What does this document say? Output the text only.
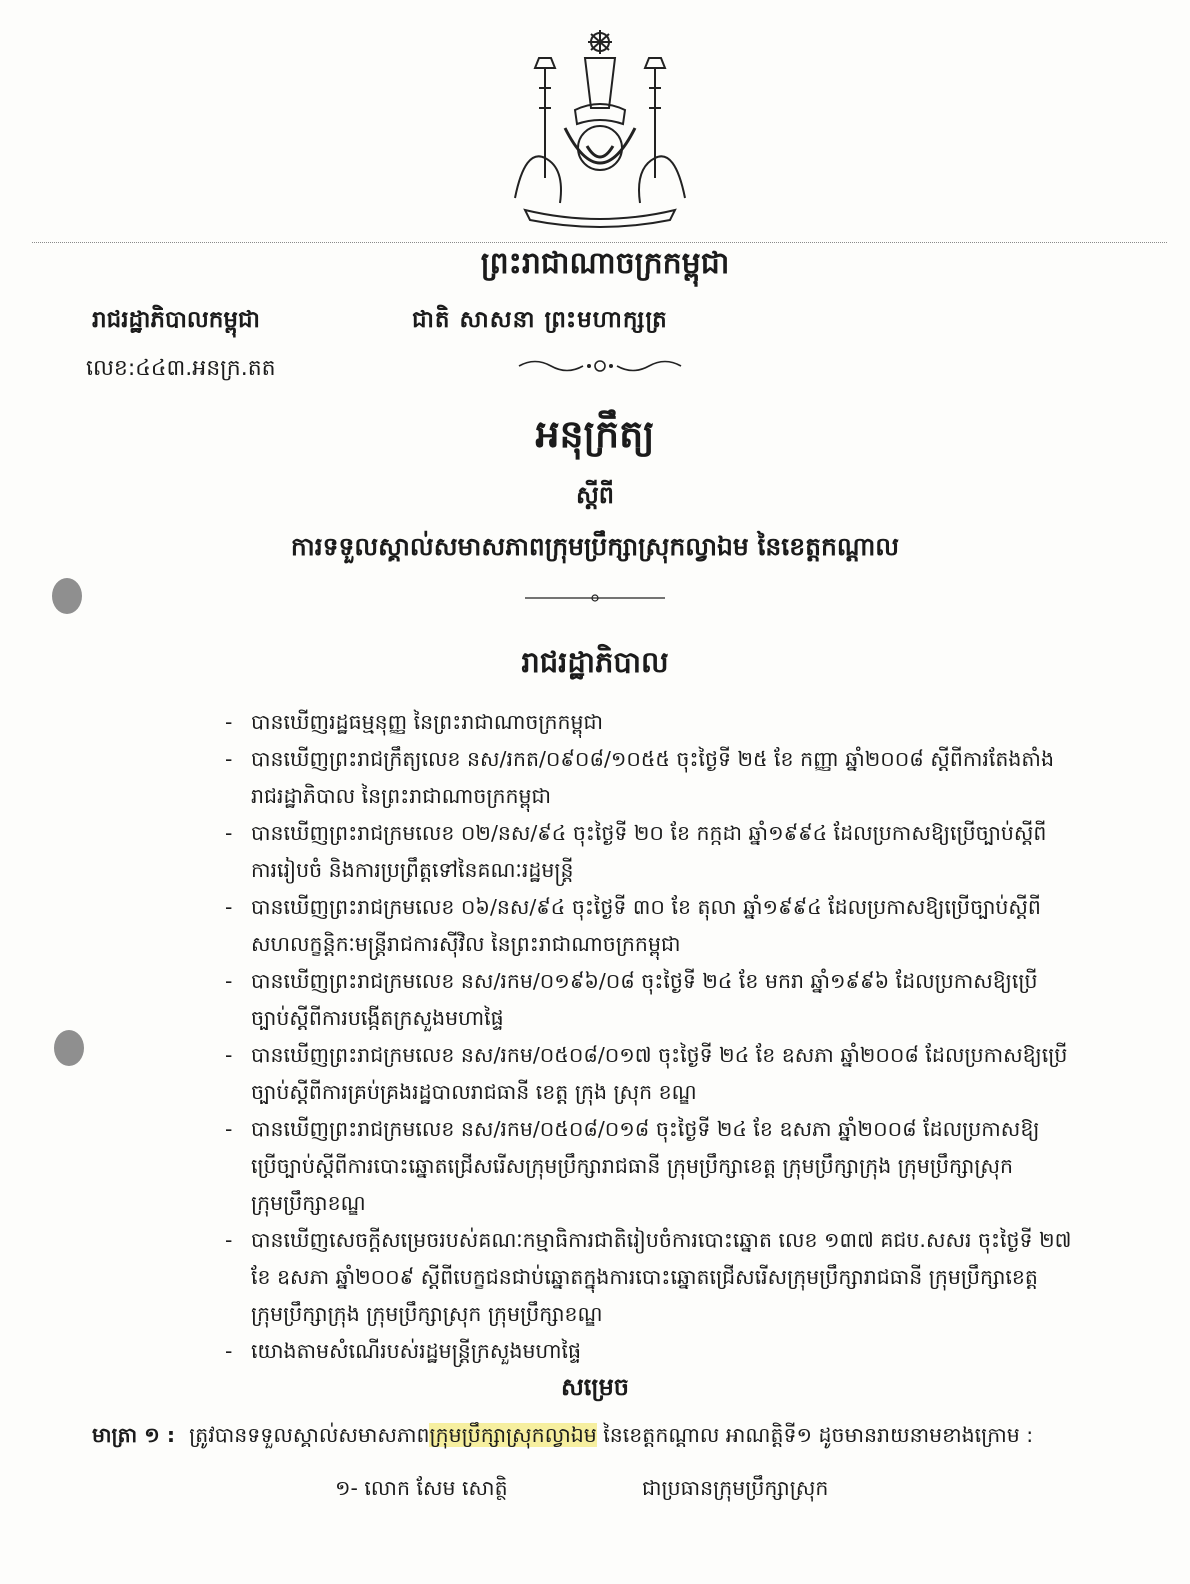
ព្រះរាជាណាចក្រកម្ពុជា
រាជរដ្ឋាភិបាលកម្ពុជា	ជាតិ សាសនា ព្រះមហាក្សត្រ
លេខ:៤៤៣.អនក្រ.តត
អនុក្រឹត្យ
ស្ដីពី
ការទទួលស្គាល់សមាសភាពក្រុមប្រឹក្សាស្រុកល្វាឯម នៃខេត្តកណ្ដាល
រាជរដ្ឋាភិបាល
- បានឃើញរដ្ឋធម្មនុញ្ញ នៃព្រះរាជាណាចក្រកម្ពុជា
- បានឃើញព្រះរាជក្រឹត្យលេខ នស/រកត/០៩០៨/១០៥៥ ចុះថ្ងៃទី ២៥ ខែ កញ្ញា ឆ្នាំ២០០៨ ស្ដីពីការតែងតាំង
រាជរដ្ឋាភិបាល នៃព្រះរាជាណាចក្រកម្ពុជា
- បានឃើញព្រះរាជក្រមលេខ ០២/នស/៩៤ ចុះថ្ងៃទី ២០ ខែ កក្កដា ឆ្នាំ១៩៩៤ ដែលប្រកាសឱ្យប្រើច្បាប់ស្ដីពី
ការរៀបចំ និងការប្រព្រឹត្តទៅនៃគណៈរដ្ឋមន្ត្រី
- បានឃើញព្រះរាជក្រមលេខ ០៦/នស/៩៤ ចុះថ្ងៃទី ៣០ ខែ តុលា ឆ្នាំ១៩៩៤ ដែលប្រកាសឱ្យប្រើច្បាប់ស្ដីពី
សហលក្ខន្តិកៈមន្ត្រីរាជការស៊ីវិល នៃព្រះរាជាណាចក្រកម្ពុជា
- បានឃើញព្រះរាជក្រមលេខ នស/រកម/០១៩៦/០៨ ចុះថ្ងៃទី ២៤ ខែ មករា ឆ្នាំ១៩៩៦ ដែលប្រកាសឱ្យប្រើ
ច្បាប់ស្ដីពីការបង្កើតក្រសួងមហាផ្ទៃ
- បានឃើញព្រះរាជក្រមលេខ នស/រកម/០៥០៨/០១៧ ចុះថ្ងៃទី ២៤ ខែ ឧសភា ឆ្នាំ២០០៨ ដែលប្រកាសឱ្យប្រើ
ច្បាប់ស្ដីពីការគ្រប់គ្រងរដ្ឋបាលរាជធានី ខេត្ត ក្រុង ស្រុក ខណ្ឌ
- បានឃើញព្រះរាជក្រមលេខ នស/រកម/០៥០៨/០១៨ ចុះថ្ងៃទី ២៤ ខែ ឧសភា ឆ្នាំ២០០៨ ដែលប្រកាសឱ្យ
ប្រើច្បាប់ស្ដីពីការបោះឆ្នោតជ្រើសរើសក្រុមប្រឹក្សារាជធានី ក្រុមប្រឹក្សាខេត្ត ក្រុមប្រឹក្សាក្រុង ក្រុមប្រឹក្សាស្រុក
ក្រុមប្រឹក្សាខណ្ឌ
- បានឃើញសេចក្ដីសម្រេចរបស់គណៈកម្មាធិការជាតិរៀបចំការបោះឆ្នោត លេខ ១៣៧ គជប.សសរ ចុះថ្ងៃទី ២៧
ខែ ឧសភា ឆ្នាំ២០០៩ ស្ដីពីបេក្ខជនជាប់ឆ្នោតក្នុងការបោះឆ្នោតជ្រើសរើសក្រុមប្រឹក្សារាជធានី ក្រុមប្រឹក្សាខេត្ត
ក្រុមប្រឹក្សាក្រុង ក្រុមប្រឹក្សាស្រុក ក្រុមប្រឹក្សាខណ្ឌ
- យោងតាមសំណើរបស់រដ្ឋមន្ត្រីក្រសួងមហាផ្ទៃ
សម្រេច
មាត្រា ១ : ត្រូវបានទទួលស្គាល់សមាសភាពក្រុមប្រឹក្សាស្រុកល្វាឯម នៃខេត្តកណ្ដាល អាណត្តិទី១ ដូចមានរាយនាមខាងក្រោម :
១- លោក សែម សោត្ថិ	ជាប្រធានក្រុមប្រឹក្សាស្រុក
